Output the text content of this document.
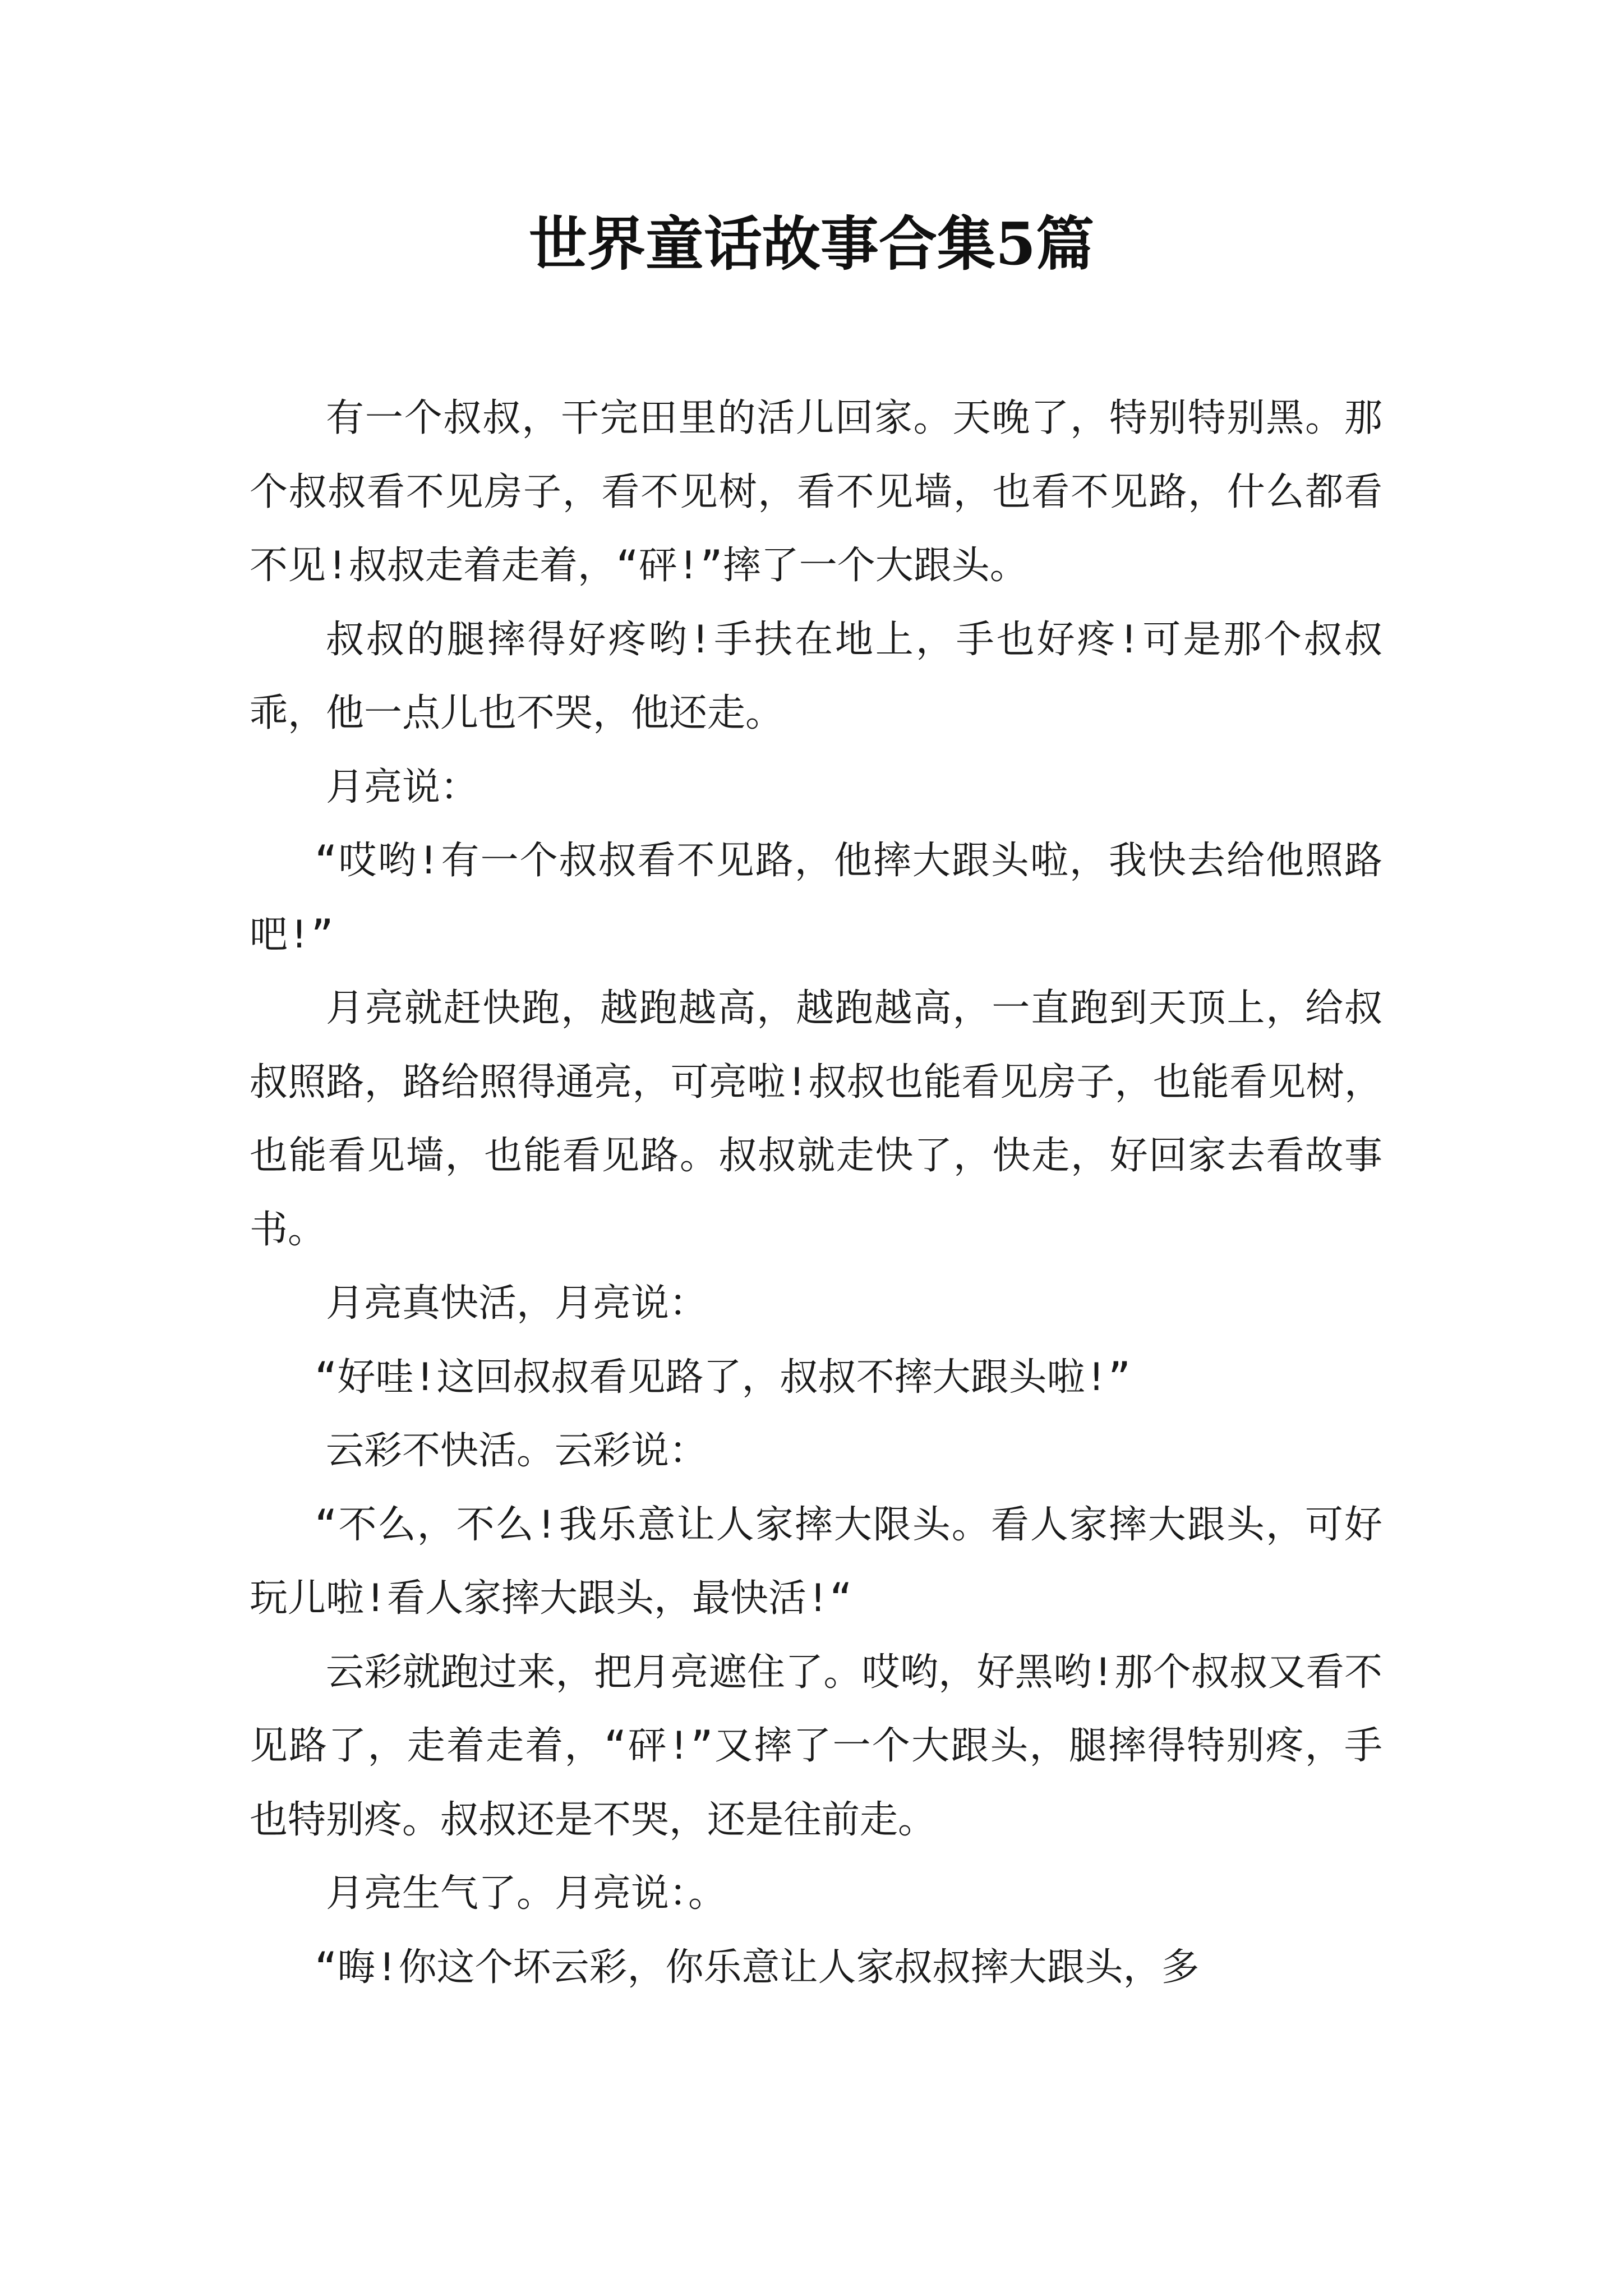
世界童话故事合集5篇

有一个叔叔，干完田里的活儿回家。天晚了，特别特别黑。那个叔叔看不见房子，看不见树，看不见墙，也看不见路，什么都看不见!叔叔走着走着，“砰!”摔了一个大跟头。

叔叔的腿摔得好疼哟!手扶在地上，手也好疼!可是那个叔叔乖，他一点儿也不哭，他还走。

月亮说：

“哎哟!有一个叔叔看不见路，他摔大跟头啦，我快去给他照路吧!”

月亮就赶快跑，越跑越高，越跑越高，一直跑到天顶上，给叔叔照路，路给照得通亮，可亮啦!叔叔也能看见房子，也能看见树，也能看见墙，也能看见路。叔叔就走快了，快走，好回家去看故事书。

月亮真快活，月亮说：

“好哇!这回叔叔看见路了，叔叔不摔大跟头啦!”

云彩不快活。云彩说：

“不么，不么!我乐意让人家摔大限头。看人家摔大跟头，可好玩儿啦!看人家摔大跟头，最快活!“

云彩就跑过来，把月亮遮住了。哎哟，好黑哟!那个叔叔又看不见路了，走着走着，“砰!”又摔了一个大跟头，腿摔得特别疼，手也特别疼。叔叔还是不哭，还是往前走。

月亮生气了。月亮说：。

“晦!你这个坏云彩，你乐意让人家叔叔摔大跟头，多
